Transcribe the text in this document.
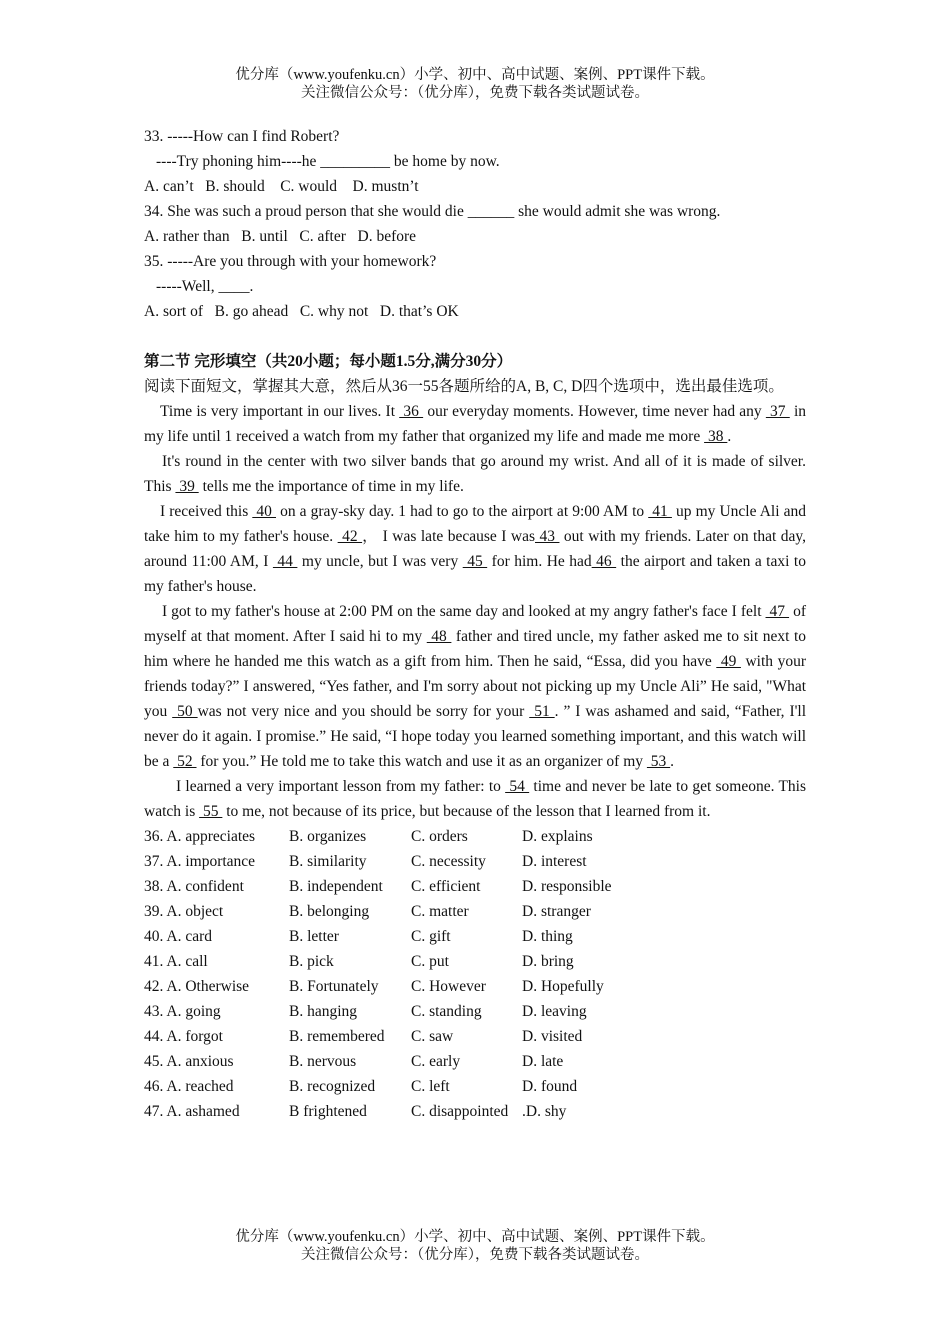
优分库（www.youfenku.cn）小学、初中、高中试题、案例、PPT课件下载。
关注微信公众号：（优分库），免费下载各类试题试卷。
33. -----How can I find Robert?
----Try phoning him----he _________ be home by now.
A. can’t   B. should    C. would    D. mustn’t
34. She was such a proud person that she would die ______ she would admit she was wrong.
A. rather than   B. until   C. after   D. before
35. -----Are you through with your homework?
-----Well, ____.
A. sort of   B. go ahead   C. why not   D. that’s OK
第二节 完形填空（共20小题；每小题1.5分,满分30分）

阅读下面短文，掌握其大意，然后从36一55各题所给的A, B, C, D四个选项中，选出最佳选项。

Time is very important in our lives. It  36  our everyday moments. However, time never had any  37  in my life until 1 received a watch from my father that organized my life and made me more  38 .

It's round in the center with two silver bands that go around my wrist. And all of it is made of silver. This  39  tells me the importance of time in my life.

I received this  40  on a gray-sky day. 1 had to go to the airport at 9:00 AM to  41  up my Uncle Ali and take him to my father's house.  42 ， I was late because I was 43  out with my friends. Later on that day, around 11:00 AM, I  44  my uncle, but I was very  45  for him. He had 46  the airport and taken a taxi to my father's house.

I got to my father's house at 2:00 PM on the same day and looked at my angry father's face I felt  47  of myself at that moment. After I said hi to my  48  father and tired uncle, my father asked me to sit next to him where he handed me this watch as a gift from him. Then he said, “Essa, did you have  49  with your friends today?” I answered, “Yes father, and I'm sorry about not picking up my Uncle Ali” He said, "What you  50 was not very nice and you should be sorry for your  51 . ” I was ashamed and said, “Father, I'll never do it again. I promise.” He said, “I hope today you learned something important, and this watch will be a  52  for you.” He told me to take this watch and use it as an organizer of my  53 .

I learned a very important lesson from my father: to  54  time and never be late to get someone. This watch is  55  to me, not because of its price, but because of the lesson that I learned from it.

36. A. appreciates B. organizes	C. orders	D. explains
37. A. importance B. similarity	C. necessity D. interest
38. A. confident	B. independent C. efficient	D. responsible
39. A. object	B. belonging	C. matter	D. stranger
40. A. card	B. letter	C. gift	D. thing
41. A. call	B. pick	C. put	D. bring
42. A. Otherwise	B. Fortunately C. However D. Hopefully
43. A. going	B. hanging	C. standing	D. leaving
44. A. forgot	B. remembered C. saw	D. visited
45. A. anxious	B. nervous	C. early	D. late
46. A. reached	B. recognized C. left	D. found
47. A. ashamed	B frightened	C. disappointed .D. shy
优分库（www.youfenku.cn）小学、初中、高中试题、案例、PPT课件下载。
关注微信公众号：（优分库），免费下载各类试题试卷。
